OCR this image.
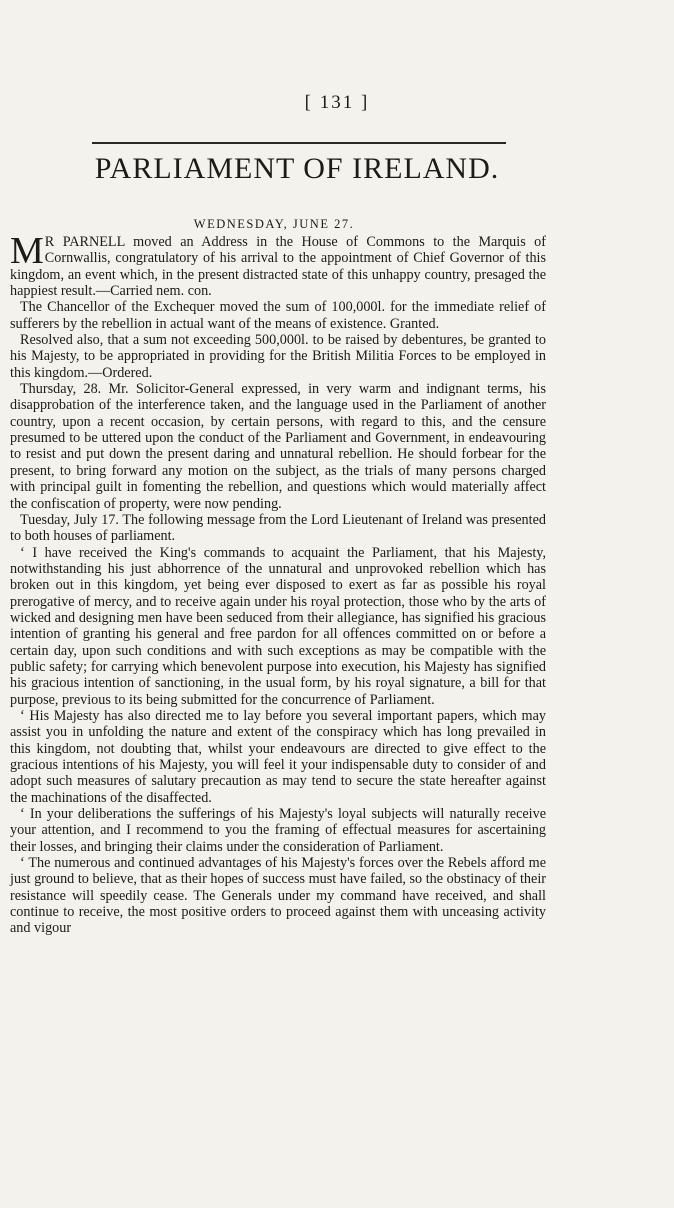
[ 131 ]
PARLIAMENT OF IRELAND.
WEDNESDAY, JUNE 27.

M R PARNELL moved an Address in the House of Commons to the Marquis of Cornwallis, congratulatory of his arrival to the appointment of Chief Governor of this kingdom, an event which, in the present distracted state of this unhappy country, presaged the happiest result.—Carried nem. con.

The Chancellor of the Exchequer moved the sum of 100,000l. for the immediate relief of sufferers by the rebellion in actual want of the means of existence. Granted.

Resolved also, that a sum not exceeding 500,000l. to be raised by debentures, be granted to his Majesty, to be appropriated in providing for the British Militia Forces to be employed in this kingdom.—Ordered.

Thursday, 28. Mr. Solicitor-General expressed, in very warm and indignant terms, his disapprobation of the interference taken, and the language used in the Parliament of another country, upon a recent occasion, by certain persons, with regard to this, and the censure presumed to be uttered upon the conduct of the Parliament and Government, in endeavouring to resist and put down the present daring and unnatural rebellion. He should forbear for the present, to bring forward any motion on the subject, as the trials of many persons charged with principal guilt in fomenting the rebellion, and questions which would materially affect the confiscation of property, were now pending.

Tuesday, July 17. The following message from the Lord Lieutenant of Ireland was presented to both houses of parliament.

‘ I have received the King's commands to acquaint the Parliament, that his Majesty, notwithstanding his just abhorrence of the unnatural and unprovoked rebellion which has broken out in this kingdom, yet being ever disposed to exert as far as possible his royal prerogative of mercy, and to receive again under his royal protection, those who by the arts of wicked and designing men have been seduced from their allegiance, has signified his gracious intention of granting his general and free pardon for all offences committed on or before a certain day, upon such conditions and with such exceptions as may be compatible with the public safety; for carrying which benevolent purpose into execution, his Majesty has signified his gracious intention of sanctioning, in the usual form, by his royal signature, a bill for that purpose, previous to its being submitted for the concurrence of Parliament.

‘ His Majesty has also directed me to lay before you several important papers, which may assist you in unfolding the nature and extent of the conspiracy which has long prevailed in this kingdom, not doubting that, whilst your endeavours are directed to give effect to the gracious intentions of his Majesty, you will feel it your indispensable duty to consider of and adopt such measures of salutary precaution as may tend to secure the state hereafter against the machinations of the disaffected.

‘ In your deliberations the sufferings of his Majesty's loyal subjects will naturally receive your attention, and I recommend to you the framing of effectual measures for ascertaining their losses, and bringing their claims under the consideration of Parliament.

‘ The numerous and continued advantages of his Majesty's forces over the Rebels afford me just ground to believe, that as their hopes of success must have failed, so the obstinacy of their resistance will speedily cease. The Generals under my command have received, and shall continue to receive, the most positive orders to proceed against them with unceasing activity and vigour
